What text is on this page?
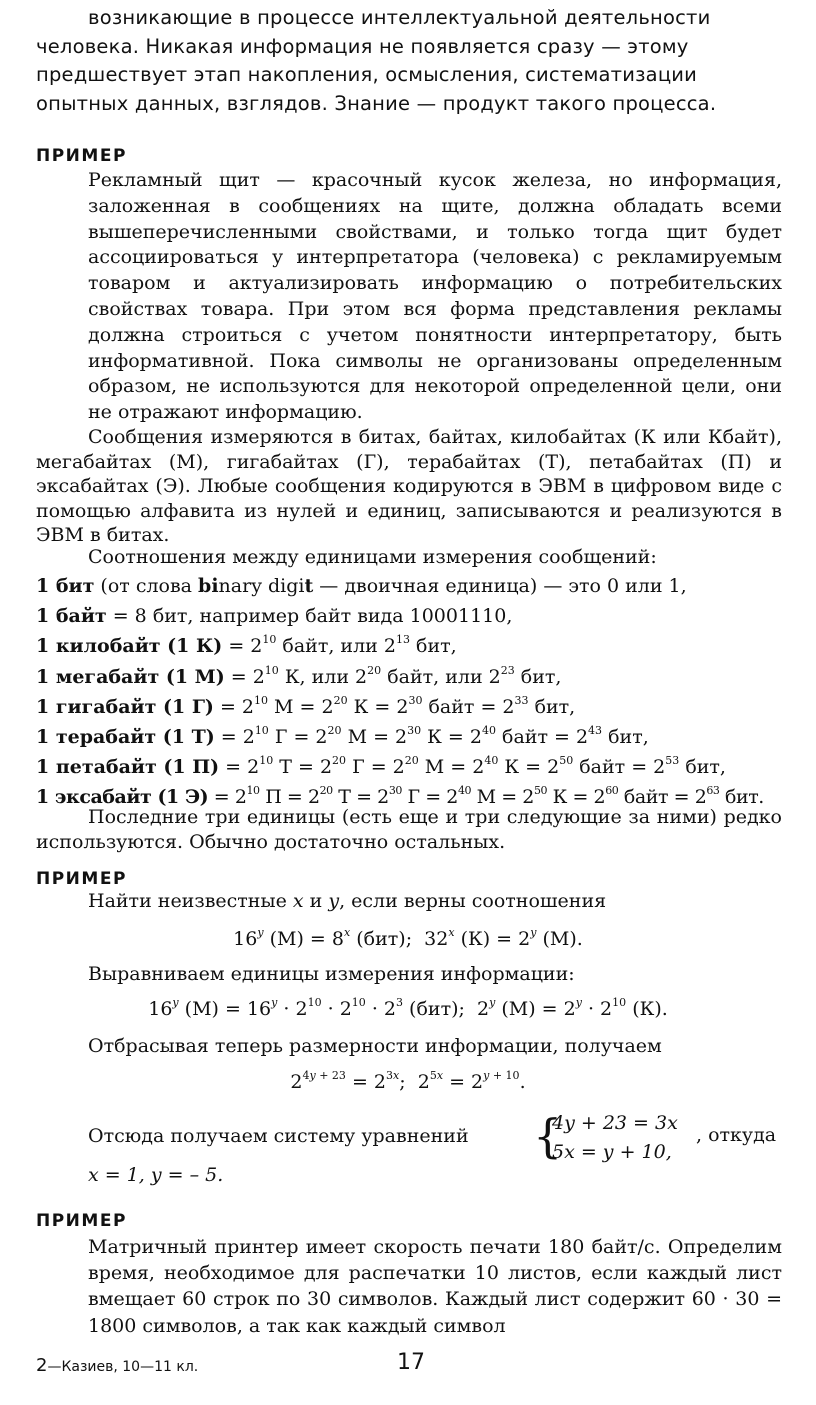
возникающие в процессе интеллектуальной деятельности
человека. Никакая информация не появляется сразу — этому
предшествует этап накопления, осмысления, систематизации
опытных данных, взглядов. Знание — продукт такого процесса.
ПРИМЕР
Рекламный щит — красочный кусок железа, но информация, заложенная в сообщениях на щите, должна обладать всеми вышеперечисленными свойствами, и только тогда щит будет ассоциироваться у интерпретатора (человека) с рекламируемым товаром и актуализировать информацию о потребительских свойствах товара. При этом вся форма представления рекламы должна строиться с учетом понятности интерпретатору, быть информативной. Пока символы не организованы определенным образом, не используются для некоторой определенной цели, они не отражают информацию.
Сообщения измеряются в битах, байтах, килобайтах (К или Кбайт), мегабайтах (М), гигабайтах (Г), терабайтах (Т), петабайтах (П) и эксабайтах (Э). Любые сообщения кодируются в ЭВМ в цифровом виде с помощью алфавита из нулей и единиц, записываются и реализуются в ЭВМ в битах.
Соотношения между единицами измерения сообщений:
1 бит (от слова binary digit — двоичная единица) — это 0 или 1,
1 байт = 8 бит, например байт вида 10001110,
1 килобайт (1 $К) = 2^{10}$ байт, или $2^{13}$ бит,
1 мегабайт (1 $М) = 2^{10}$ К, или $2^{20}$ байт, или $2^{23}$ бит,
1 гигабайт (1 $Г) = 2^{10}$ $М = 2^{20}$ $К = 2^{30}$ байт = $2^{33}$ бит,
1 терабайт (1 $Т) = 2^{10}$ $Г = 2^{20}$ $М = 2^{30}$ $К = 2^{40}$ байт = $2^{43}$ бит,
1 петабайт (1 $П) = 2^{10}$ $Т = 2^{20}$ $Г = 2^{20}$ $М = 2^{40}$ $К = 2^{50}$ байт = $2^{53}$ бит,
1 эксабайт (1 $Э) = 2^{10}$ $П = 2^{20}$ $Т = 2^{30}$ $Г = 2^{40}$ $М = 2^{50}$ $К = 2^{60}$ байт = $2^{63}$ бит.
Последние три единицы (есть еще и три следующие за ними) редко используются. Обычно достаточно остальных.
ПРИМЕР
Найти неизвестные x и y, если верны соотношения
16$^y$ $(М) = 8^x$ (бит);  32$^x$ $(К) = 2^y$ (М).
Выравниваем единицы измерения информации:
16$^y$ $(М) = 16^y \cdot 2^{10} \cdot 2^{10} \cdot 2^3$ (бит);  2$^y$ $(М) = 2^y \cdot 2^{10}$ (К).
Отбрасывая теперь размерности информации, получаем
$2^{4y + 23} = 2^{3x}$;  $2^{5x} = 2^{y + 10}$.
Отсюда получаем систему уравнений	{
4y + 23 = 3x
5x = y + 10,
, откуда
x = 1, y = – 5.
ПРИМЕР
Матричный принтер имеет скорость печати 180 байт/с. Определим время, необходимое для распечатки 10 листов, если каждый лист вмещает 60 строк по 30 символов. Каждый лист содержит 60 · 30 = 1800 символов, а так как каждый символ
2—Казиев, 10—11 кл.	17
